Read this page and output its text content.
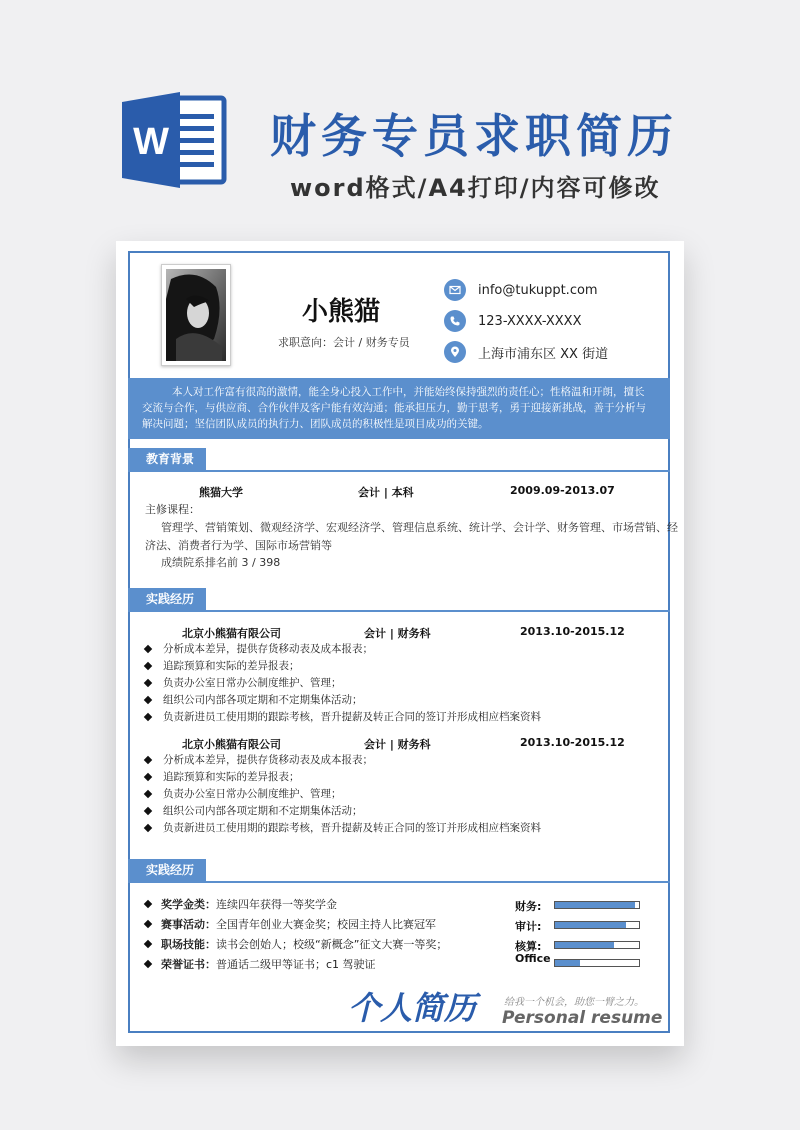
W 财务专员求职简历
word格式/A4打印/内容可修改
小熊猫
求职意向：会计 / 财务专员
info@tukuppt.com
123-XXXX-XXXX
上海市浦东区 XX 街道
本人对工作富有很高的激情，能全身心投入工作中，并能始终保持强烈的责任心；性格温和开朗，擅长交流与合作，与供应商、合作伙伴及客户能有效沟通；能承担压力，勤于思考，勇于迎接新挑战，善于分析与解决问题；坚信团队成员的执行力、团队成员的积极性是项目成功的关键。
教育背景
熊猫大学	会计 | 本科	2009.09-2013.07
主修课程：
管理学、营销策划、微观经济学、宏观经济学、管理信息系统、统计学、会计学、财务管理、市场营销、经
济法、消费者行为学、国际市场营销等
成绩院系排名前 3 / 398
实践经历
北京小熊猫有限公司	会计 | 财务科	2013.10-2015.12
分析成本差异，提供存货移动表及成本报表；
追踪预算和实际的差异报表；
负责办公室日常办公制度维护、管理；
组织公司内部各项定期和不定期集体活动；
负责新进员工使用期的跟踪考核，晋升提薪及转正合同的签订并形成相应档案资料
北京小熊猫有限公司	会计 | 财务科	2013.10-2015.12
分析成本差异，提供存货移动表及成本报表；
追踪预算和实际的差异报表；
负责办公室日常办公制度维护、管理；
组织公司内部各项定期和不定期集体活动；
负责新进员工使用期的跟踪考核，晋升提薪及转正合同的签订并形成相应档案资料
实践经历
奖学金类： 连续四年获得一等奖学金
赛事活动： 全国青年创业大赛金奖；校园主持人比赛冠军
职场技能： 读书会创始人；校级“新概念”征文大赛一等奖；
荣誉证书： 普通话二级甲等证书；c1 驾驶证
财务:
审计:
核算:
Office
个人简历	给我一个机会，助您一臂之力。
Personal resume
